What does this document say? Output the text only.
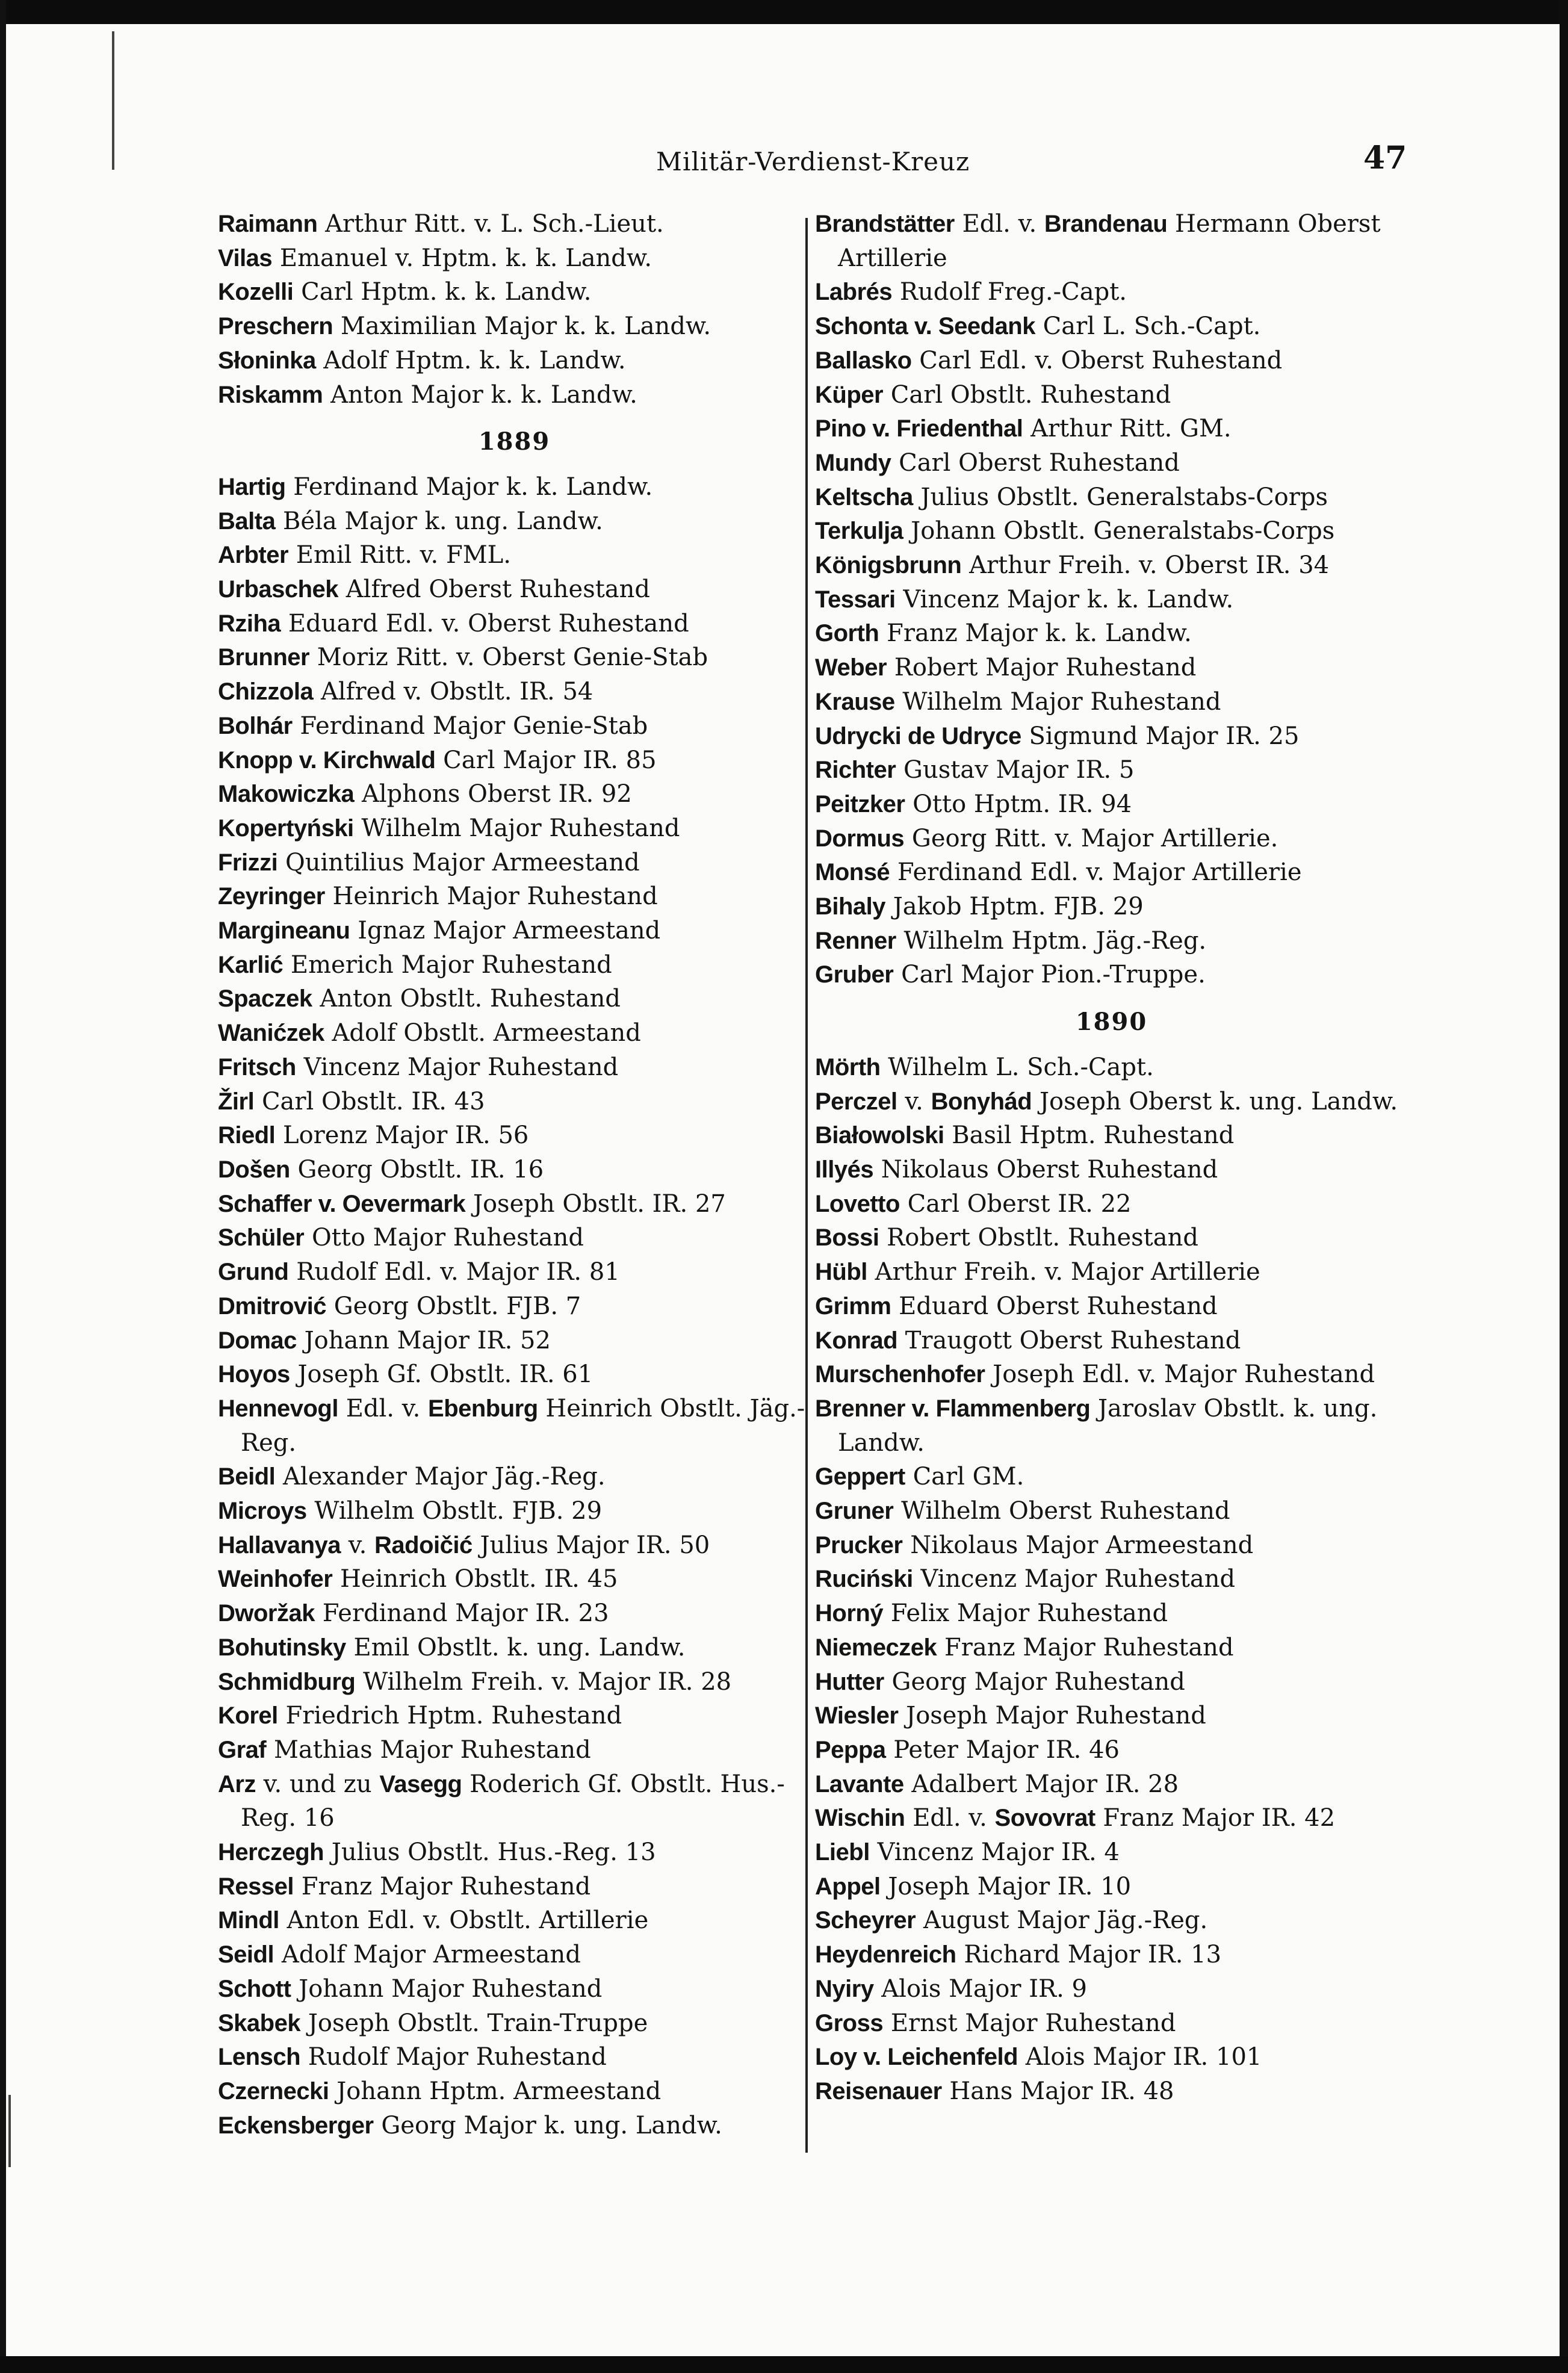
Militär-Verdienst-Kreuz	47
Raimann Arthur Ritt. v. L. Sch.-Lieut.
Vilas Emanuel v. Hptm. k. k. Landw.
Kozelli Carl Hptm. k. k. Landw.
Preschern Maximilian Major k. k. Landw.
Słoninka Adolf Hptm. k. k. Landw.
Riskamm Anton Major k. k. Landw.
1889
Hartig Ferdinand Major k. k. Landw.
Balta Béla Major k. ung. Landw.
Arbter Emil Ritt. v. FML.
Urbaschek Alfred Oberst Ruhestand
Rziha Eduard Edl. v. Oberst Ruhestand
Brunner Moriz Ritt. v. Oberst Genie-Stab
Chizzola Alfred v. Obstlt. IR. 54
Bolhár Ferdinand Major Genie-Stab
Knopp v. Kirchwald Carl Major IR. 85
Makowiczka Alphons Oberst IR. 92
Kopertyński Wilhelm Major Ruhestand
Frizzi Quintilius Major Armeestand
Zeyringer Heinrich Major Ruhestand
Margineanu Ignaz Major Armeestand
Karlić Emerich Major Ruhestand
Spaczek Anton Obstlt. Ruhestand
Wanićzek Adolf Obstlt. Armeestand
Fritsch Vincenz Major Ruhestand
Žirl Carl Obstlt. IR. 43
Riedl Lorenz Major IR. 56
Došen Georg Obstlt. IR. 16
Schaffer v. Oevermark Joseph Obstlt. IR. 27
Schüler Otto Major Ruhestand
Grund Rudolf Edl. v. Major IR. 81
Dmitrović Georg Obstlt. FJB. 7
Domac Johann Major IR. 52
Hoyos Joseph Gf. Obstlt. IR. 61
Hennevogl Edl. v. Ebenburg Heinrich Obstlt. Jäg.-Reg.
Beidl Alexander Major Jäg.-Reg.
Microys Wilhelm Obstlt. FJB. 29
Hallavanya v. Radoičić Julius Major IR. 50
Weinhofer Heinrich Obstlt. IR. 45
Dworžak Ferdinand Major IR. 23
Bohutinsky Emil Obstlt. k. ung. Landw.
Schmidburg Wilhelm Freih. v. Major IR. 28
Korel Friedrich Hptm. Ruhestand
Graf Mathias Major Ruhestand
Arz v. und zu Vasegg Roderich Gf. Obstlt. Hus.-Reg. 16
Herczegh Julius Obstlt. Hus.-Reg. 13
Ressel Franz Major Ruhestand
Mindl Anton Edl. v. Obstlt. Artillerie
Seidl Adolf Major Armeestand
Schott Johann Major Ruhestand
Skabek Joseph Obstlt. Train-Truppe
Lensch Rudolf Major Ruhestand
Czernecki Johann Hptm. Armeestand
Eckensberger Georg Major k. ung. Landw.
Brandstätter Edl. v. Brandenau Hermann Oberst Artillerie
Labrés Rudolf Freg.-Capt.
Schonta v. Seedank Carl L. Sch.-Capt.
Ballasko Carl Edl. v. Oberst Ruhestand
Küper Carl Obstlt. Ruhestand
Pino v. Friedenthal Arthur Ritt. GM.
Mundy Carl Oberst Ruhestand
Keltscha Julius Obstlt. Generalstabs-Corps
Terkulja Johann Obstlt. Generalstabs-Corps
Königsbrunn Arthur Freih. v. Oberst IR. 34
Tessari Vincenz Major k. k. Landw.
Gorth Franz Major k. k. Landw.
Weber Robert Major Ruhestand
Krause Wilhelm Major Ruhestand
Udrycki de Udryce Sigmund Major IR. 25
Richter Gustav Major IR. 5
Peitzker Otto Hptm. IR. 94
Dormus Georg Ritt. v. Major Artillerie.
Monsé Ferdinand Edl. v. Major Artillerie
Bihaly Jakob Hptm. FJB. 29
Renner Wilhelm Hptm. Jäg.-Reg.
Gruber Carl Major Pion.-Truppe.
1890
Mörth Wilhelm L. Sch.-Capt.
Perczel v. Bonyhád Joseph Oberst k. ung. Landw.
Białowolski Basil Hptm. Ruhestand
Illyés Nikolaus Oberst Ruhestand
Lovetto Carl Oberst IR. 22
Bossi Robert Obstlt. Ruhestand
Hübl Arthur Freih. v. Major Artillerie
Grimm Eduard Oberst Ruhestand
Konrad Traugott Oberst Ruhestand
Murschenhofer Joseph Edl. v. Major Ruhestand
Brenner v. Flammenberg Jaroslav Obstlt. k. ung. Landw.
Geppert Carl GM.
Gruner Wilhelm Oberst Ruhestand
Prucker Nikolaus Major Armeestand
Ruciński Vincenz Major Ruhestand
Horný Felix Major Ruhestand
Niemeczek Franz Major Ruhestand
Hutter Georg Major Ruhestand
Wiesler Joseph Major Ruhestand
Peppa Peter Major IR. 46
Lavante Adalbert Major IR. 28
Wischin Edl. v. Sovovrat Franz Major IR. 42
Liebl Vincenz Major IR. 4
Appel Joseph Major IR. 10
Scheyrer August Major Jäg.-Reg.
Heydenreich Richard Major IR. 13
Nyiry Alois Major IR. 9
Gross Ernst Major Ruhestand
Loy v. Leichenfeld Alois Major IR. 101
Reisenauer Hans Major IR. 48
